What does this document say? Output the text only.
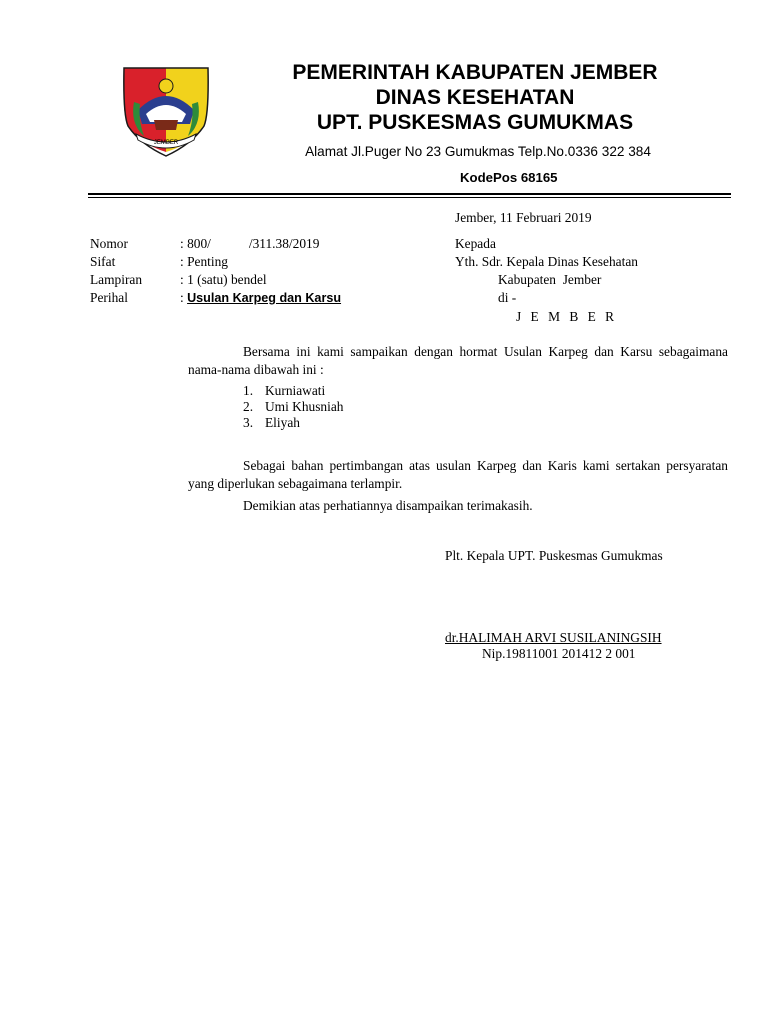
JEMBER
PEMERINTAH KABUPATEN JEMBER
DINAS KESEHATAN
UPT. PUSKESMAS GUMUKMAS
Alamat Jl.Puger No 23 Gumukmas Telp.No.0336 322 384
KodePos 68165
Jember, 11 Februari 2019
Nomor	: 800/	/311.38/2019
Sifat	: Penting
Lampiran	: 1 (satu) bendel
Perihal	: Usulan Karpeg dan Karsu
Kepada
Yth. Sdr. Kepala Dinas Kesehatan
Kabupaten  Jember
di -
J E M B E R
Bersama ini kami sampaikan dengan hormat Usulan Karpeg dan Karsu sebagaimana nama-nama dibawah ini :
1. Kurniawati
2. Umi Khusniah
3. Eliyah
Sebagai bahan pertimbangan atas usulan Karpeg dan Karis kami sertakan persyaratan yang diperlukan sebagaimana terlampir.
Demikian atas perhatiannya disampaikan terimakasih.
Plt. Kepala UPT. Puskesmas Gumukmas
dr.HALIMAH ARVI SUSILANINGSIH
Nip.19811001 201412 2 001
